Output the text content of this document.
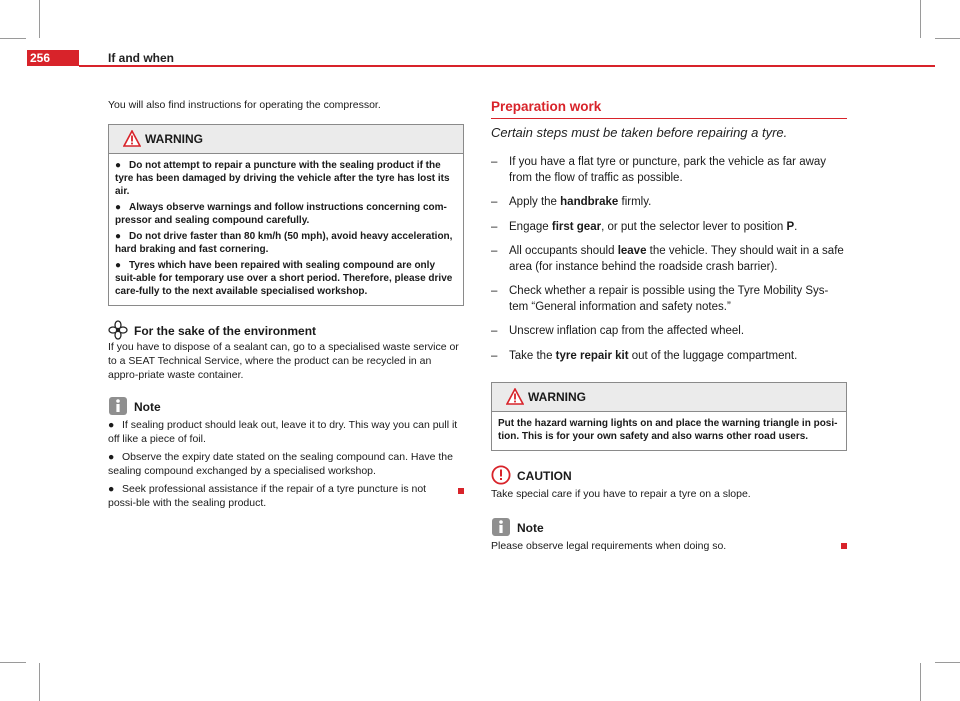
256	If and when

You will also find instructions for operating the compressor.

WARNING

● Do not attempt to repair a puncture with the sealing product if the tyre has been damaged by driving the vehicle after the tyre has lost its air.

● Always observe warnings and follow instructions concerning com-pressor and sealing compound carefully.

● Do not drive faster than 80 km/h (50 mph), avoid heavy acceleration, hard braking and fast cornering.

● Tyres which have been repaired with sealing compound are only suit-able for temporary use over a short period. Therefore, please drive care-fully to the next available specialised workshop.

For the sake of the environment

If you have to dispose of a sealant can, go to a specialised waste service or to a SEAT Technical Service, where the product can be recycled in an appro-priate waste container.

Note

● If sealing product should leak out, leave it to dry. This way you can pull it off like a piece of foil.

● Observe the expiry date stated on the sealing compound can. Have the sealing compound exchanged by a specialised workshop.

● Seek professional assistance if the repair of a tyre puncture is not possi-ble with the sealing product.

Preparation work
Certain steps must be taken before repairing a tyre.
– If you have a flat tyre or puncture, park the vehicle as far away from the flow of traffic as possible.
– Apply the handbrake firmly.
– Engage first gear, or put the selector lever to position P.
– All occupants should leave the vehicle. They should wait in a safe area (for instance behind the roadside crash barrier).
– Check whether a repair is possible using the Tyre Mobility Sys-tem “General information and safety notes.”
– Unscrew inflation cap from the affected wheel.
– Take the tyre repair kit out of the luggage compartment.
WARNING

Put the hazard warning lights on and place the warning triangle in posi-tion. This is for your own safety and also warns other road users.

CAUTION

Take special care if you have to repair a tyre on a slope.

Note

Please observe legal requirements when doing so.
